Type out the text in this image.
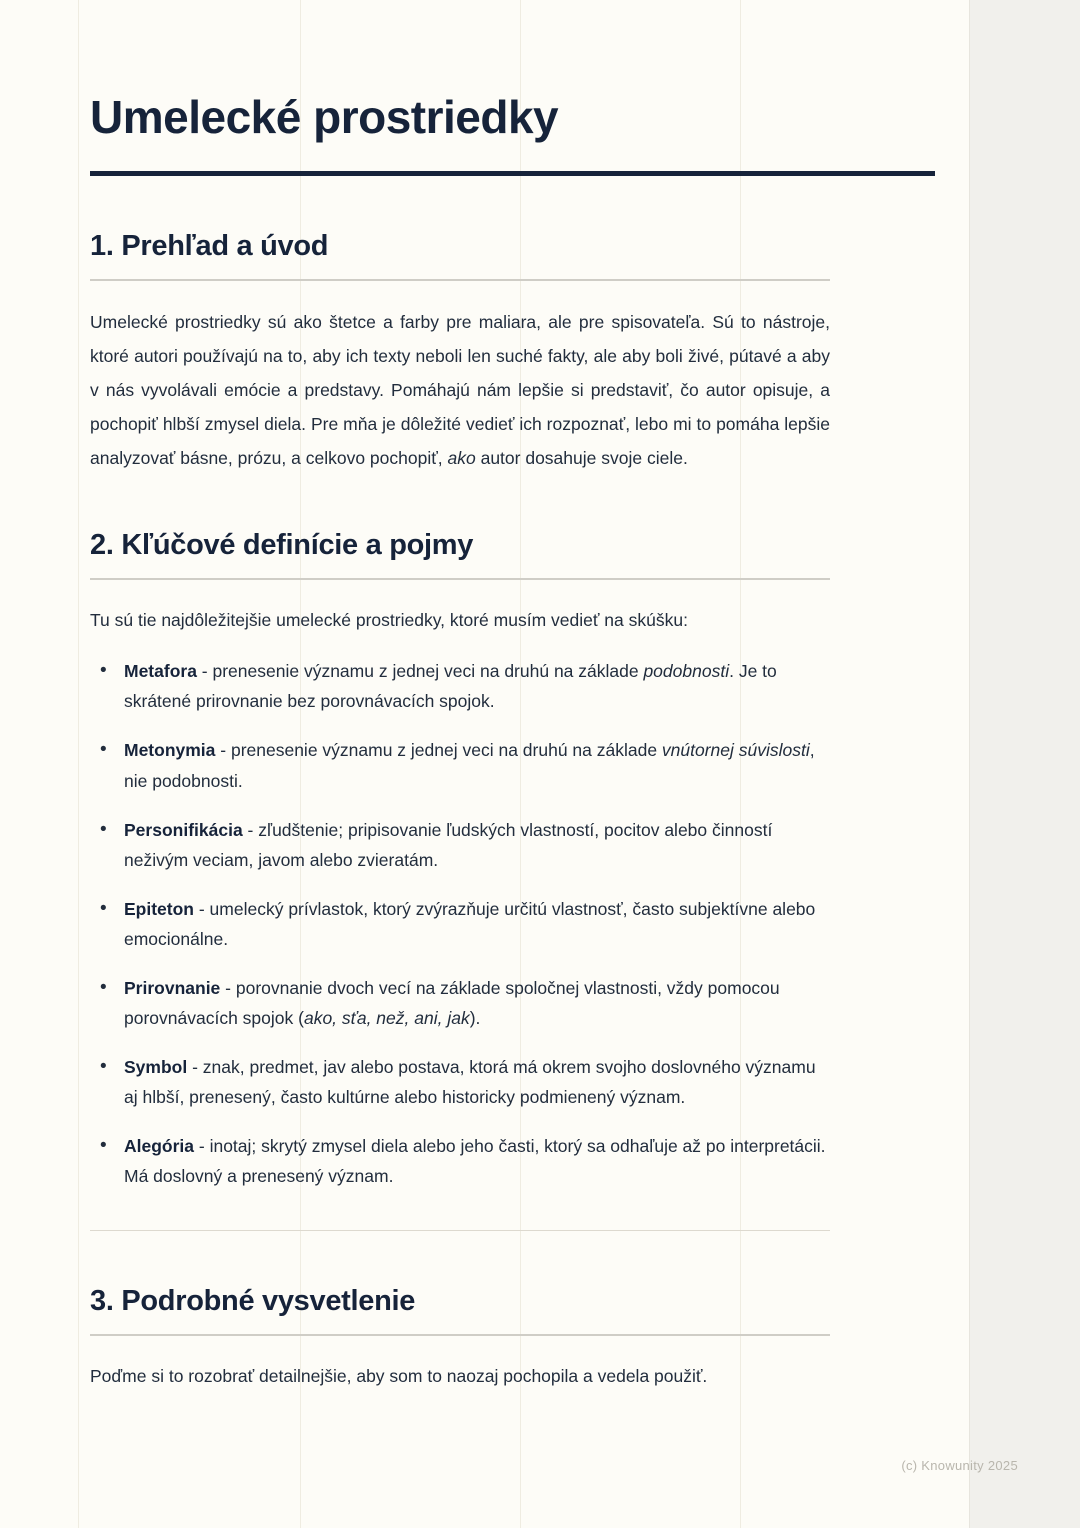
Umelecké prostriedky
1. Prehľad a úvod

Umelecké prostriedky sú ako štetce a farby pre maliara, ale pre spisovateľa. Sú to nástroje, ktoré autori používajú na to, aby ich texty neboli len suché fakty, ale aby boli živé, pútavé a aby v nás vyvolávali emócie a predstavy. Pomáhajú nám lepšie si predstaviť, čo autor opisuje, a pochopiť hlbší zmysel diela. Pre mňa je dôležité vedieť ich rozpoznať, lebo mi to pomáha lepšie analyzovať básne, prózu, a celkovo pochopiť, ako autor dosahuje svoje ciele.

2. Kľúčové definície a pojmy

Tu sú tie najdôležitejšie umelecké prostriedky, ktoré musím vedieť na skúšku:

• Metafora - prenesenie významu z jednej veci na druhú na základe podobnosti. Je to skrátené prirovnanie bez porovnávacích spojok.
• Metonymia - prenesenie významu z jednej veci na druhú na základe vnútornej súvislosti, nie podobnosti.
• Personifikácia - zľudštenie; pripisovanie ľudských vlastností, pocitov alebo činností neživým veciam, javom alebo zvieratám.
• Epiteton - umelecký prívlastok, ktorý zvýrazňuje určitú vlastnosť, často subjektívne alebo emocionálne.
• Prirovnanie - porovnanie dvoch vecí na základe spoločnej vlastnosti, vždy pomocou porovnávacích spojok (ako, sťa, než, ani, jak).
• Symbol - znak, predmet, jav alebo postava, ktorá má okrem svojho doslovného významu aj hlbší, prenesený, často kultúrne alebo historicky podmienený význam.
• Alegória - inotaj; skrytý zmysel diela alebo jeho časti, ktorý sa odhaľuje až po interpretácii. Má doslovný a prenesený význam.
3. Podrobné vysvetlenie

Poďme si to rozobrať detailnejšie, aby som to naozaj pochopila a vedela použiť.

(c) Knowunity 2025
